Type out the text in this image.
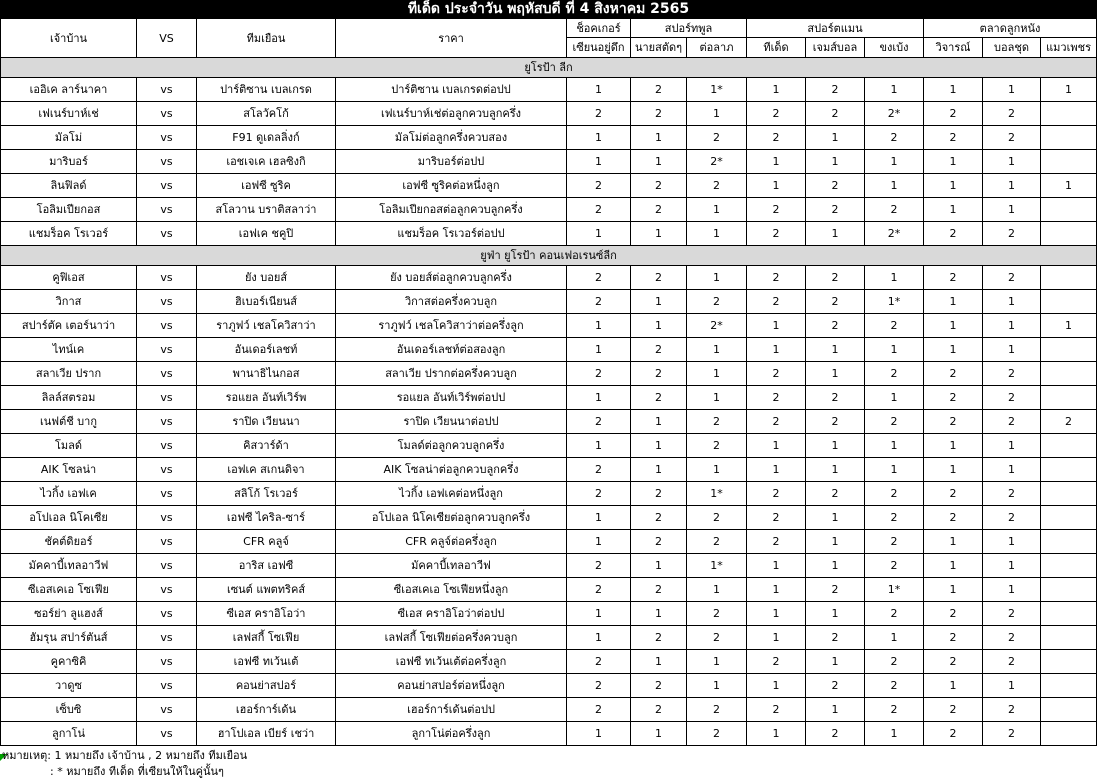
ทีเด็ด ประจำวัน พฤหัสบดี ที่ 4 สิงหาคม 2565
เจ้าบ้าน	VS	ทีมเยือน	ราคา	ช็อคเกอร์	สปอร์ทพูล		สปอร์ตแมน			ตลาดลูกหนัง		
				เซียนอยู่ดึก	นายสตัดๆ	ต่อลาภ	ทีเด็ด	เจมส์บอล	ขงเบ้ง	วิจารณ์	บอลชุด	แมวเพชร
ยูโรป้า ลีก												
เออิเค ลาร์นาคา	vs	ปาร์ติซาน เบลเกรด	ปาร์ติซาน เบลเกรดต่อปป	1	2	1*	1	2	1	1	1	1
เฟเนร์บาห์เช่	vs	สโลวัคโก้	เฟเนร์บาห์เช่ต่อลูกควบลูกครึ่ง	2	2	1	2	2	2*	2	2	
มัลโม่	vs	F91 ดูเดลลิ่งก์	มัลโม่ต่อลูกครึ่งควบสอง	1	1	2	2	1	2	2	2	
มาริบอร์	vs	เอชเจเค เฮลซิงกิ	มาริบอร์ต่อปป	1	1	2*	1	1	1	1	1	
ลินฟิลด์	vs	เอฟซี ซูริค	เอฟซี ซูริคต่อหนึ่งลูก	2	2	2	1	2	1	1	1	1
โอลิมเปียกอส	vs	สโลวาน บราติสลาว่า	โอลิมเปียกอสต่อลูกควบลูกครึ่ง	2	2	1	2	2	2	1	1	
แชมร็อค โรเวอร์	vs	เอฟเค ชคูปิ	แชมร็อค โรเวอร์ต่อปป	1	1	1	2	1	2*	2	2	
ยูฟ่า ยูโรป้า คอนเฟอเรนซ์ลีก												
คูฟิเอส	vs	ยัง บอยส์	ยัง บอยส์ต่อลูกควบลูกครึ่ง	2	2	1	2	2	1	2	2	
วิกาส	vs	ฮิเบอร์เนียนส์	วิกาสต่อครึ่งควบลูก	2	1	2	2	2	1*	1	1	
สปาร์ตัค เตอร์นาว่า	vs	ราภูฟว์ เชลโควิสาว่า	ราภูฟว์ เชลโควิสาว่าต่อครึ่งลูก	1	1	2*	1	2	2	1	1	1
ไทน์เค	vs	อันเดอร์เลชท์	อันเดอร์เลชท์ต่อสองลูก	1	2	1	1	1	1	1	1	
สลาเวีย ปราก	vs	พานาธิไนกอส	สลาเวีย ปรากต่อครึ่งควบลูก	2	2	1	2	1	2	2	2	
ลิลล์สตรอม	vs	รอแยล อันท์เวิร์พ	รอแยล อันท์เวิร์พต่อปป	1	2	1	2	2	1	2	2	
เนฟต์ชี บากู	vs	ราปิด เวียนนา	ราปิด เวียนนาต่อปป	2	1	2	2	2	2	2	2	2
โมลด์	vs	คิสวาร์ด้า	โมลด์ต่อลูกควบลูกครึ่ง	1	1	2	1	1	1	1	1	
AIK โซลน่า	vs	เอฟเค สเกนดิจา	AIK โซลน่าต่อลูกควบลูกครึ่ง	2	1	1	1	1	1	1	1	
ไวกิ้ง เอฟเค	vs	สลิโก้ โรเวอร์	ไวกิ้ง เอฟเคต่อหนึ่งลูก	2	2	1*	2	2	2	2	2	
อโปเอล นิโคเซีย	vs	เอฟซี ไคริล-ซาร์	อโปเอล นิโคเซียต่อลูกควบลูกครึ่ง	1	2	2	2	1	2	2	2	
ชัคต์ดิยอร์	vs	CFR คลูจ์	CFR คลูจ์ต่อครึ่งลูก	1	2	2	2	1	2	1	1	
มัคคาบี้เทลอาวีฟ	vs	อาริส เอฟซี	มัคคาบี้เทลอาวีฟ	2	1	1*	1	1	2	1	1	
ซีเอสเคเอ โซเฟีย	vs	เซนต์ แพตทริคส์	ซีเอสเคเอ โซเฟียหนึ่งลูก	2	2	1	1	2	1*	1	1	
ซอร์ย่า ลูแฮงส์	vs	ซีเอส คราอิโอว่า	ซีเอส คราอิโอว่าต่อปป	1	1	2	1	1	2	2	2	
ฮัมรุน สปาร์ตันส์	vs	เลฟสกี้ โซเฟีย	เลฟสกี้ โซเฟียต่อครึ่งควบลูก	1	2	2	1	2	1	2	2	
คูคาซิคิ	vs	เอฟซี ทเว้นเต้	เอฟซี ทเว้นเต้ต่อครึ่งลูก	2	1	1	2	1	2	2	2	
วาดูซ	vs	คอนย่าสปอร์	คอนย่าสปอร์ต่อหนึ่งลูก	2	2	1	1	2	2	1	1	
เซ็บซิ	vs	เฮอร์การ์เด้น	เฮอร์การ์เด้นต่อปป	2	2	2	2	1	2	2	2	
ลูกาโน่	vs	ฮาโปเอล เบียร์ เชว่า	ลูกาโน่ต่อครึ่งลูก	1	1	2	1	2	1	2	2	
หมายเหตุ: 1 หมายถึง เจ้าบ้าน , 2 หมายถึง ทีมเยือน
: * หมายถึง ทีเด็ด ที่เซียนให้ในคู่นั้นๆ
